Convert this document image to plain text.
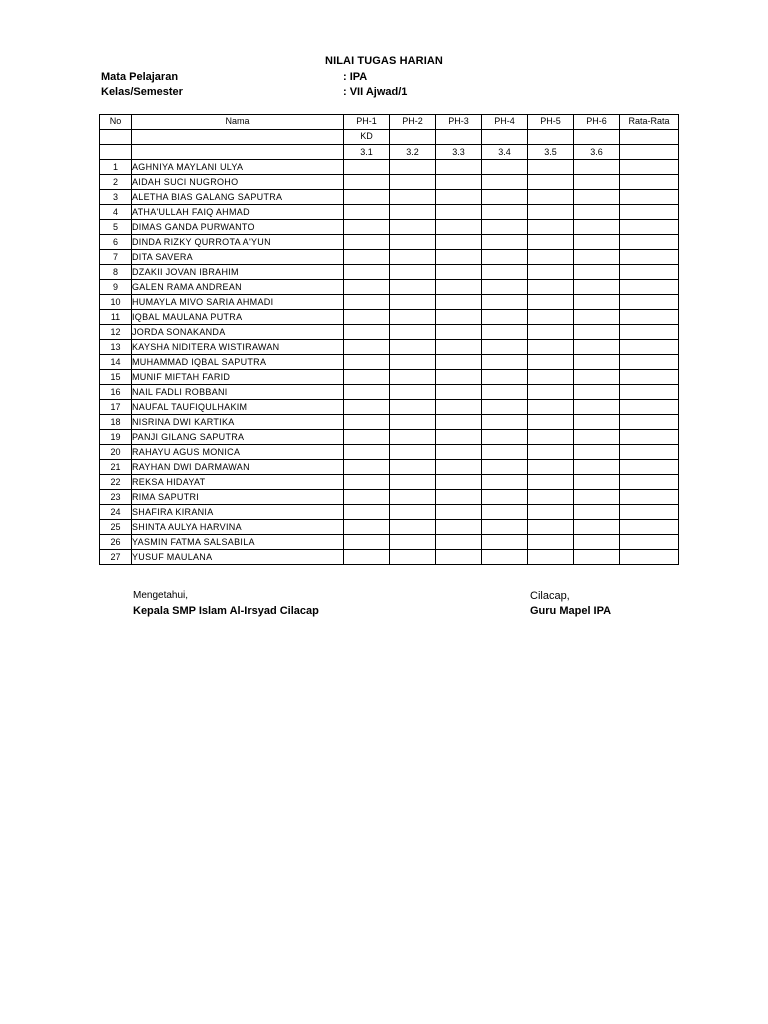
NILAI TUGAS HARIAN
Mata Pelajaran	: IPA
Kelas/Semester	: VII Ajwad/1
No	Nama	PH-1	PH-2	PH-3	PH-4	PH-5	PH-6	Rata-Rata
		KD						
		3.1	3.2	3.3	3.4	3.5	3.6	
1	AGHNIYA MAYLANI ULYA							
2	AIDAH SUCI NUGROHO							
3	ALETHA BIAS GALANG SAPUTRA							
4	ATHA'ULLAH FAIQ AHMAD							
5	DIMAS GANDA PURWANTO							
6	DINDA RIZKY QURROTA A'YUN							
7	DITA SAVERA							
8	DZAKII JOVAN IBRAHIM							
9	GALEN RAMA ANDREAN							
10	HUMAYLA MIVO SARIA AHMADI							
11	IQBAL MAULANA PUTRA							
12	JORDA SONAKANDA							
13	KAYSHA NIDITERA WISTIRAWAN							
14	MUHAMMAD IQBAL SAPUTRA							
15	MUNIF MIFTAH FARID							
16	NAIL FADLI ROBBANI							
17	NAUFAL TAUFIQULHAKIM							
18	NISRINA DWI KARTIKA							
19	PANJI GILANG SAPUTRA							
20	RAHAYU AGUS MONICA							
21	RAYHAN DWI DARMAWAN							
22	REKSA HIDAYAT							
23	RIMA SAPUTRI							
24	SHAFIRA KIRANIA							
25	SHINTA AULYA HARVINA							
26	YASMIN FATMA SALSABILA							
27	YUSUF MAULANA							
Mengetahui,
Kepala SMP Islam Al-Irsyad Cilacap
Cilacap,
Guru Mapel IPA
